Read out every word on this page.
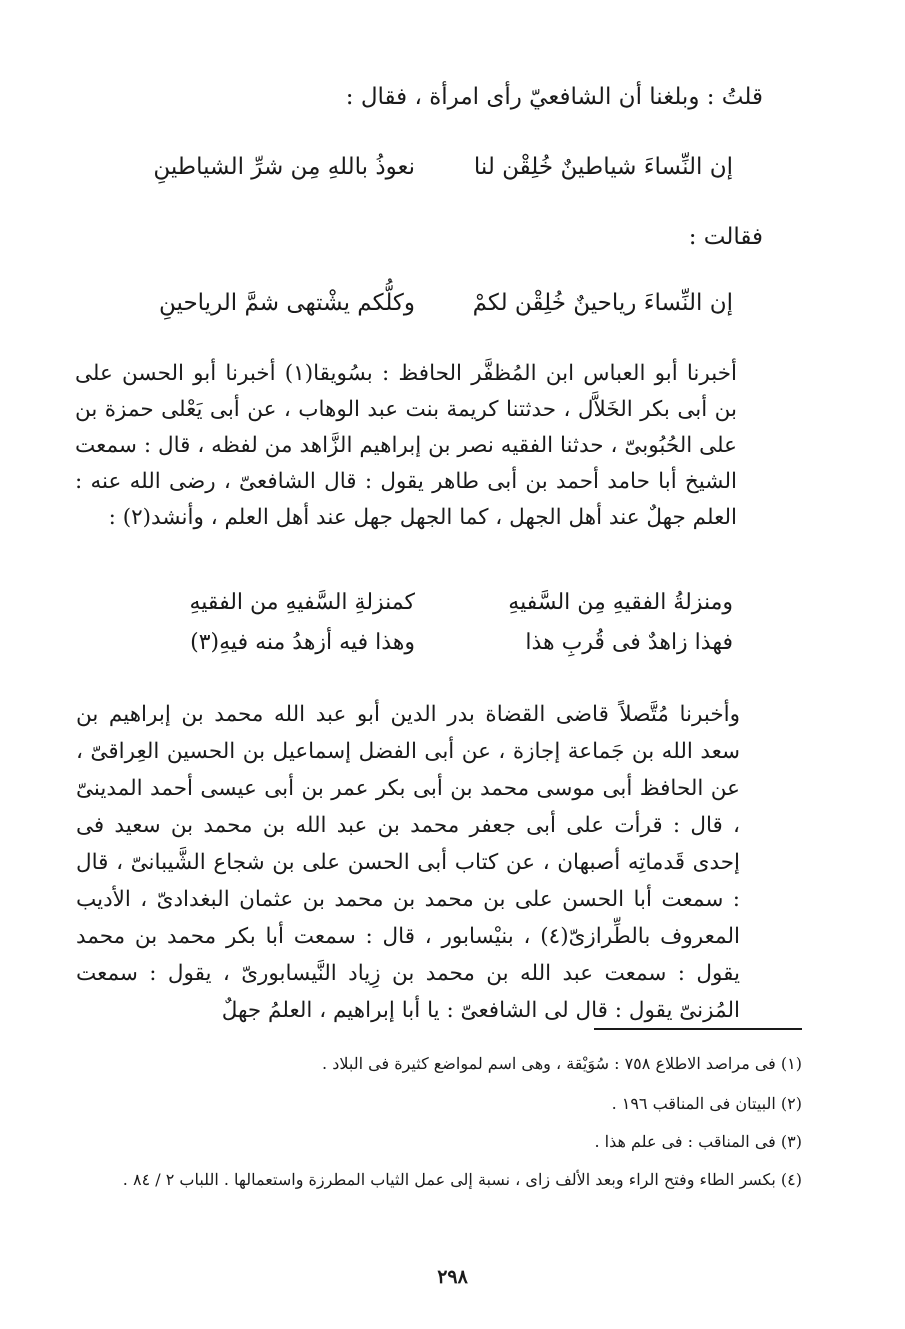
قلتُ : وبلغنا أن الشافعيّ رأى امرأة ، فقال :
إن النِّساءَ شياطينٌ خُلِقْن لنا
نعوذُ باللهِ مِن شرِّ الشياطينِ
فقالت :
إن النِّساءَ رياحينٌ خُلِقْن لكمْ
وكلُّكم يشْتهى شمَّ الرياحينِ

أخبرنا أبو العباس ابن المُظفَّر الحافظ : بسُويقا(١) أخبرنا أبو الحسن على بن أبى بكر الخَلاَّل ، حدثتنا كريمة بنت عبد الوهاب ، عن أبى يَعْلى حمزة بن على الحُبُوبىّ ، حدثنا الفقيه نصر بن إبراهيم الزَّاهد من لفظه ، قال : سمعت الشيخ أبا حامد أحمد بن أبى طاهر يقول : قال الشافعىّ ، رضى الله عنه : العلم جهلٌ عند أهل الجهل ، كما الجهل جهل عند أهل العلم ، وأنشد(٢) :

ومنزلةُ الفقيهِ مِن السَّفيهِ
كمنزلةِ السَّفيهِ من الفقيهِ
فهذا زاهدٌ فى قُربِ هذا
وهذا فيه أزهدُ منه فيهِ(٣)

وأخبرنا مُتَّصلاً قاضى القضاة بدر الدين أبو عبد الله محمد بن إبراهيم بن سعد الله بن جَماعة إجازة ، عن أبى الفضل إسماعيل بن الحسين العِراقىّ ، عن الحافظ أبى موسى محمد بن أبى بكر عمر بن أبى عيسى أحمد المدينىّ ، قال : قرأت على أبى جعفر محمد بن عبد الله بن محمد بن سعيد فى إحدى قَدماتِه أصبهان ، عن كتاب أبى الحسن على بن شجاع الشَّيبانىّ ، قال : سمعت أبا الحسن على بن محمد بن محمد بن عثمان البغدادىّ ، الأديب المعروف بالطِّرازىّ(٤) ، بنيْسابور ، قال : سمعت أبا بكر محمد بن محمد يقول : سمعت عبد الله بن محمد بن زِياد النَّيسابورىّ ، يقول : سمعت المُزنىّ يقول : قال لى الشافعىّ : يا أبا إبراهيم ، العلمُ جهلٌ

(١) فى مراصد الاطلاع ٧٥٨ : سُوَيْقة ، وهى اسم لمواضع كثيرة فى البلاد .
(٢) البيتان فى المناقب ١٩٦ .
(٣) فى المناقب : فى علم هذا .
(٤) بكسر الطاء وفتح الراء وبعد الألف زاى ، نسبة إلى عمل الثياب المطرزة واستعمالها . اللباب ٢ / ٨٤ .
٢٩٨
